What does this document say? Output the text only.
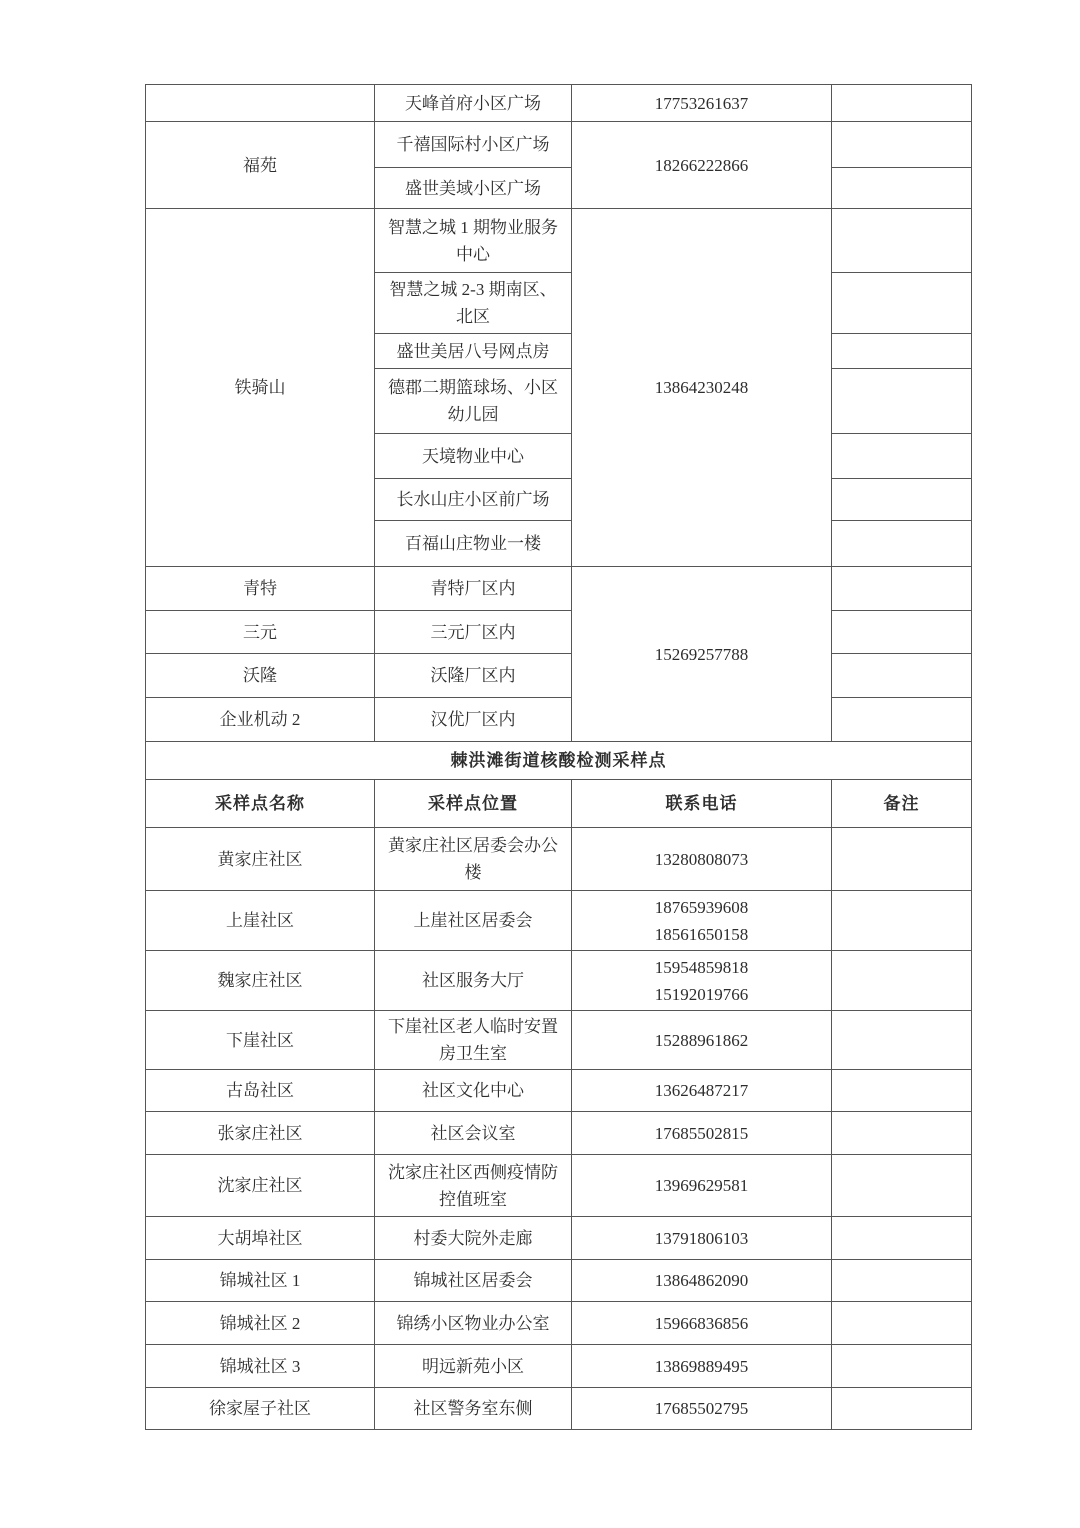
	天峰首府小区广场	17753261637	
福苑	千禧国际村小区广场	18266222866	
	盛世美域小区广场		
铁骑山	智慧之城 1 期物业服务中心	13864230248	
	智慧之城 2-3 期南区、北区		
	盛世美居八号网点房		
	德郡二期篮球场、小区幼儿园		
	天境物业中心		
	长水山庄小区前广场		
	百福山庄物业一楼		
青特	青特厂区内	15269257788	
三元	三元厂区内		
沃隆	沃隆厂区内		
企业机动 2	汉优厂区内		
棘洪滩街道核酸检测采样点			
采样点名称	采样点位置	联系电话	备注
黄家庄社区	黄家庄社区居委会办公楼	13280808073	

上崖社区	上崖社区居委会	18765939608
18561650158	

魏家庄社区	社区服务大厅	15954859818
15192019766	

下崖社区	下崖社区老人临时安置房卫生室	15288961862	

古岛社区	社区文化中心	13626487217	

张家庄社区	社区会议室	17685502815	

沈家庄社区	沈家庄社区西侧疫情防控值班室	13969629581	

大胡埠社区	村委大院外走廊	13791806103	

锦城社区 1	锦城社区居委会	13864862090	

锦城社区 2	锦绣小区物业办公室	15966836856	

锦城社区 3	明远新苑小区	13869889495	

徐家屋子社区	社区警务室东侧	17685502795	
